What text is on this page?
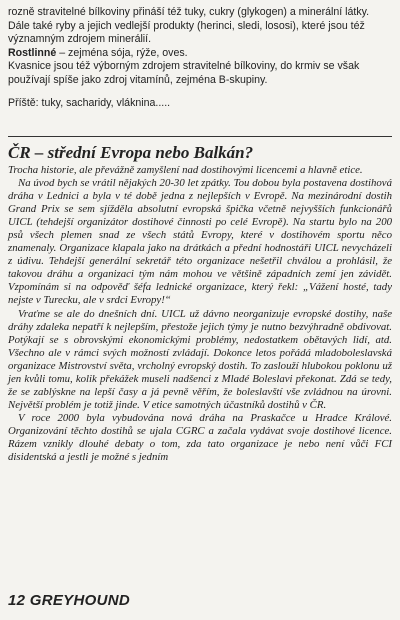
rozně stravitelné bílkoviny přináší též tuky, cukry (glykogen) a minerální látky. Dále také ryby a jejich vedlejší produkty (herinci, sledi, lososi), které jsou též významným zdrojem minerálií.

Rostlinné – zejména sója, rýže, oves.

Kvasnice jsou též výborným zdrojem stravitelné bílkoviny, do krmiv se však používají spíše jako zdroj vitamínů, zejména B-skupiny.

Příště: tuky, sacharidy, vláknina.....

ČR – střední Evropa nebo Balkán?

Trocha historie, ale převážně zamyšlení nad dostihovými licencemi a hlavně etice.

Na úvod bych se vrátil nějakých 20-30 let zpátky. Tou dobou byla postavena dostihová dráha v Lednici a byla v té době jedna z nejlepších v Evropě. Na mezinárodní dostih Grand Prix se sem sjížděla absolutní evropská špička včetně nejvyšších funkcionářů UICL (tehdejší organizátor dostihové činnosti po celé Evropě). Na startu bylo na 200 psů všech plemen snad ze všech států Evropy, které v dostihovém sportu něco znamenaly. Organizace klapala jako na drátkách a přední hodnostáři UICL nevycházeli z údivu. Tehdejší generální sekretář této organizace nešetřil chválou a prohlásil, že takovou dráhu a organizaci tým nám mohou ve většině západních zemí jen závidět. Vzpomínám si na odpověď šéfa lednické organizace, který řekl: „Vážení hosté, tady nejste v Turecku, ale v srdci Evropy!“

Vraťme se ale do dnešních dní. UICL už dávno neorganizuje evropské dostihy, naše dráhy zdaleka nepatří k nejlepším, přestože jejich týmy je nutno bezvýhradně obdivovat. Potýkají se s obrovskými ekonomickými problémy, nedostatkem obětavých lidí, atd. Všechno ale v rámci svých možností zvládají. Dokonce letos pořádá mladoboleslavská organizace Mistrovství světa, vrcholný evropský dostih. To zaslouží hlubokou poklonu už jen kvůli tomu, kolik překážek museli nadšenci z Mladé Boleslavi překonat. Zdá se tedy, že se zablýskne na lepší časy a já pevně věřím, že boleslavští vše zvládnou na úrovni. Největší problém je totiž jinde. V etice samotných účastníků dostihů v ČR.

V roce 2000 byla vybudována nová dráha na Praskačce u Hradce Králové. Organizování těchto dostihů se ujala CGRC a začala vydávat svoje dostihové licence. Rázem vznikly dlouhé debaty o tom, zda tato organizace je nebo není vůči FCI disidentská a jestli je možné s jedním

12 GREYHOUND
